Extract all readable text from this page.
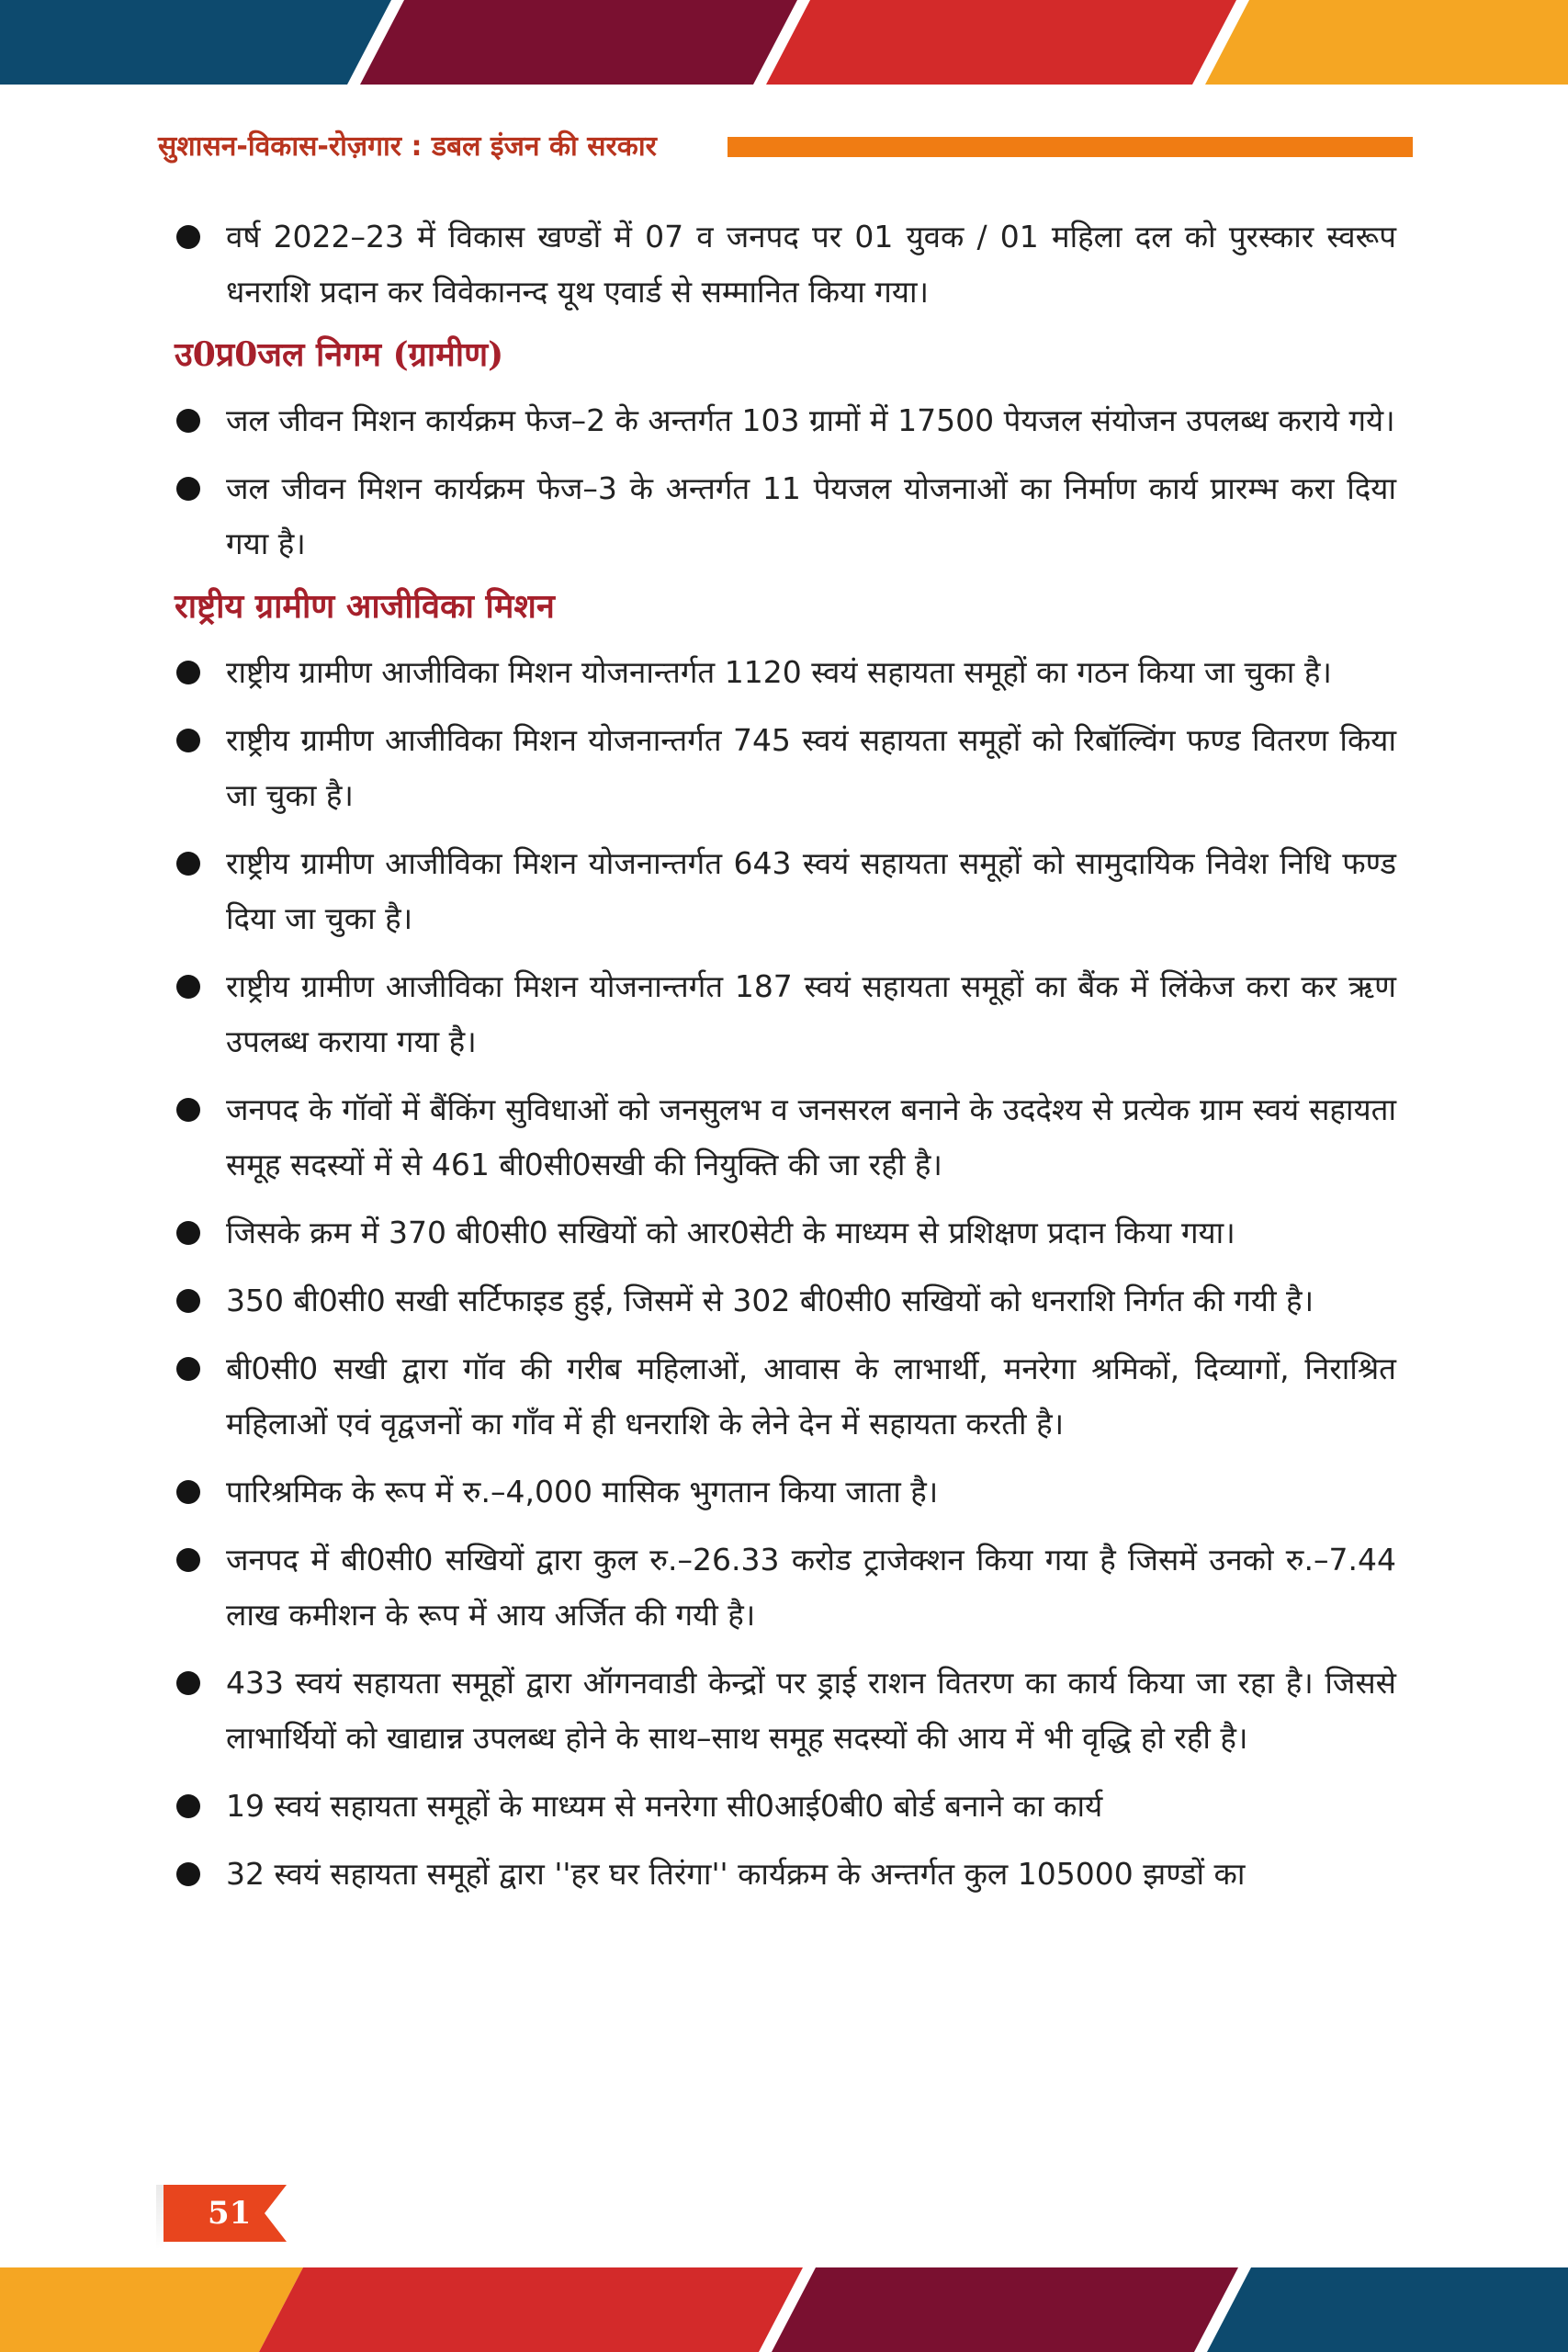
सुशासन-विकास-रोज़गार : डबल इंजन की सरकार
वर्ष 2022–23 में विकास खण्डों में 07 व जनपद पर 01 युवक / 01 महिला दल को पुरस्कार स्वरूप धनराशि प्रदान कर विवेकानन्द यूथ एवार्ड से सम्मानित किया गया।
उ0प्र0जल निगम (ग्रामीण)
जल जीवन मिशन कार्यक्रम फेज–2 के अन्तर्गत 103 ग्रामों में 17500 पेयजल संयोजन उपलब्ध कराये गये।
जल जीवन मिशन कार्यक्रम फेज–3 के अन्तर्गत 11 पेयजल योजनाओं का निर्माण कार्य प्रारम्भ करा दिया गया है।
राष्ट्रीय ग्रामीण आजीविका मिशन
राष्ट्रीय ग्रामीण आजीविका मिशन योजनान्तर्गत 1120 स्वयं सहायता समूहों का गठन किया जा चुका है।
राष्ट्रीय ग्रामीण आजीविका मिशन योजनान्तर्गत 745 स्वयं सहायता समूहों को रिबॉल्विंग फण्ड वितरण किया जा चुका है।
राष्ट्रीय ग्रामीण आजीविका मिशन योजनान्तर्गत 643 स्वयं सहायता समूहों को सामुदायिक निवेश निधि फण्ड दिया जा चुका है।
राष्ट्रीय ग्रामीण आजीविका मिशन योजनान्तर्गत 187 स्वयं सहायता समूहों का बैंक में लिंकेज करा कर ऋण उपलब्ध कराया गया है।
जनपद के गॉवों में बैंकिंग सुविधाओं को जनसुलभ व जनसरल बनाने के उददेश्य से प्रत्येक ग्राम स्वयं सहायता समूह सदस्यों में से 461 बी0सी0सखी की नियुक्ति की जा रही है।
जिसके क्रम में 370 बी0सी0 सखियों को आर0सेटी के माध्यम से प्रशिक्षण प्रदान किया गया।
350 बी0सी0 सखी सर्टिफाइड हुई, जिसमें से 302 बी0सी0 सखियों को धनराशि निर्गत की गयी है।
बी0सी0 सखी द्वारा गॉव की गरीब महिलाओं, आवास के लाभार्थी, मनरेगा श्रमिकों, दिव्यागों, निराश्रित महिलाओं एवं वृद्वजनों का गाँव में ही धनराशि के लेने देन में सहायता करती है।
पारिश्रमिक के रूप में रु.–4,000 मासिक भुगतान किया जाता है।
जनपद में बी0सी0 सखियों द्वारा कुल रु.–26.33 करोड ट्राजेक्शन किया गया है जिसमें उनको रु.–7.44 लाख कमीशन के रूप में आय अर्जित की गयी है।
433 स्वयं सहायता समूहों द्वारा ऑगनवाडी केन्द्रों पर ड्राई राशन वितरण का कार्य किया जा रहा है। जिससे लाभार्थियों को खाद्यान्न उपलब्ध होने के साथ–साथ समूह सदस्यों की आय में भी वृद्धि हो रही है।
19 स्वयं सहायता समूहों के माध्यम से मनरेगा सी0आई0बी0 बोर्ड बनाने का कार्य
32 स्वयं सहायता समूहों द्वारा ''हर घर तिरंगा'' कार्यक्रम के अन्तर्गत कुल 105000 झण्डों का
51
